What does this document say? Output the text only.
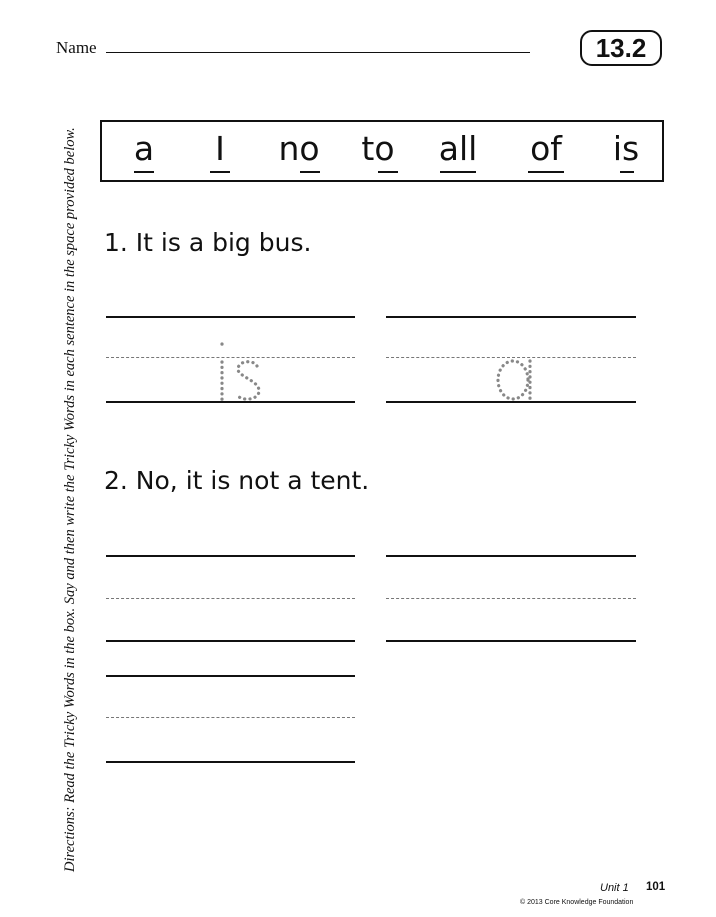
Name	13.2
Directions: Read the Tricky Words in the box. Say and then write the Tricky Words in each sentence in the space provided below. a I no to all of is
1. It is a big bus.
2. No, it is not a tent.
Unit 1 101
© 2013 Core Knowledge Foundation
